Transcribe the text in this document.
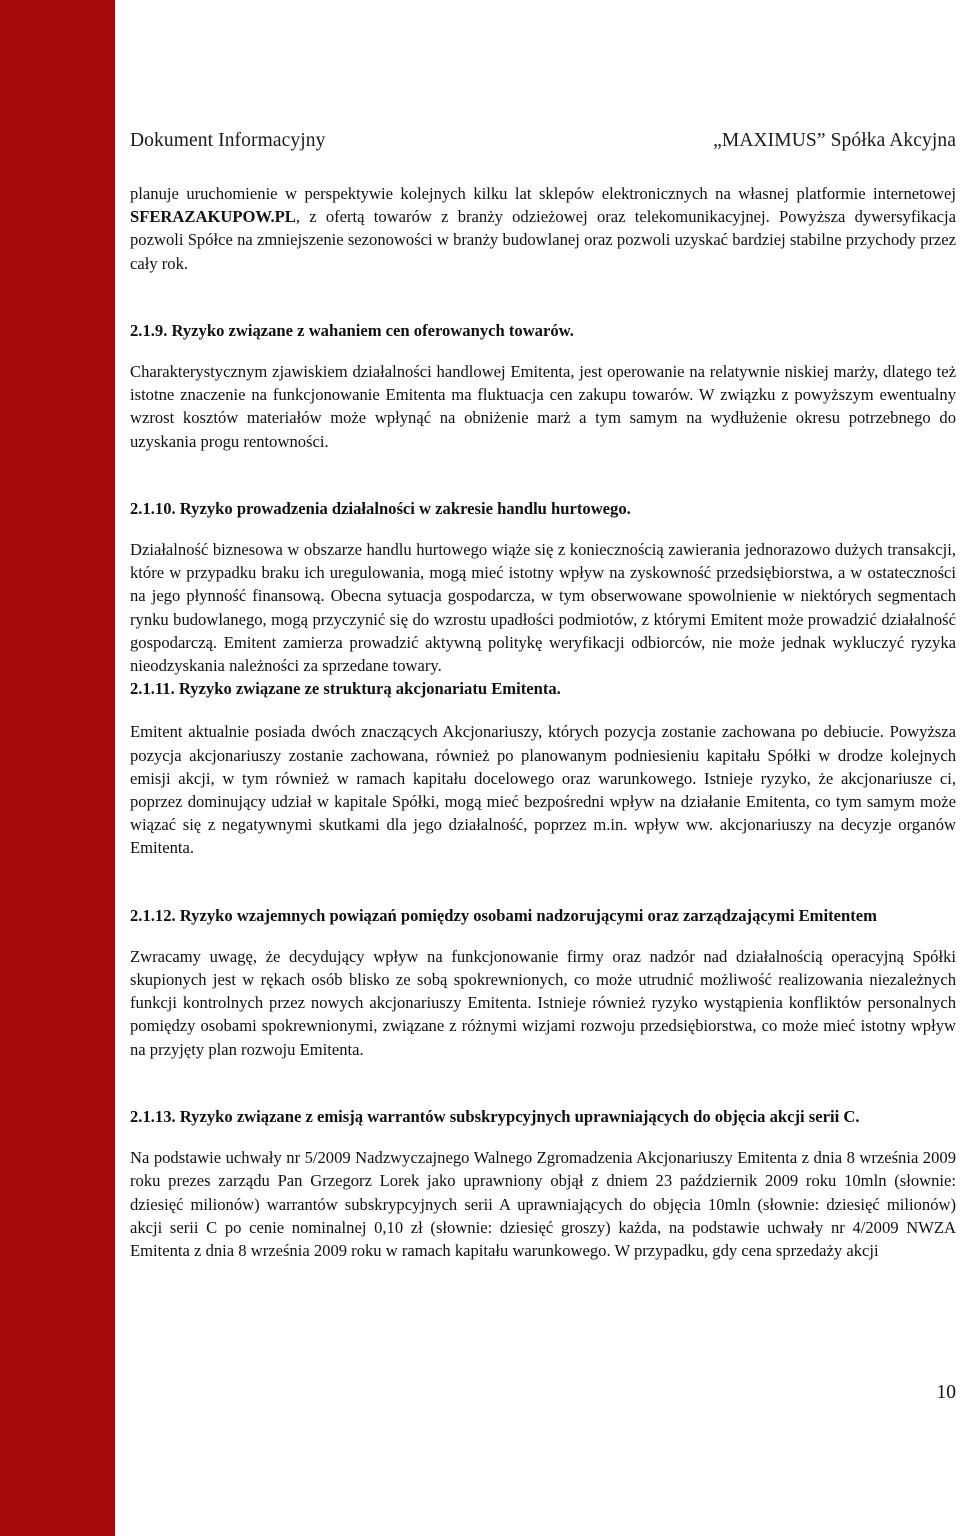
Dokument Informacyjny	„MAXIMUS” Spółka Akcyjna

planuje uruchomienie w perspektywie kolejnych kilku lat sklepów elektronicznych na własnej platformie internetowej SFERAZAKUPOW.PL, z ofertą towarów z branży odzieżowej oraz telekomunikacyjnej. Powyższa dywersyfikacja pozwoli Spółce na zmniejszenie sezonowości w branży budowlanej oraz pozwoli uzyskać bardziej stabilne przychody przez cały rok.

2.1.9. Ryzyko związane z wahaniem cen oferowanych towarów.

Charakterystycznym zjawiskiem działalności handlowej Emitenta, jest operowanie na relatywnie niskiej marży, dlatego też istotne znaczenie na funkcjonowanie Emitenta ma fluktuacja cen zakupu towarów. W związku z powyższym ewentualny wzrost kosztów materiałów może wpłynąć na obniżenie marż a tym samym na wydłużenie okresu potrzebnego do uzyskania progu rentowności.

2.1.10. Ryzyko prowadzenia działalności w zakresie handlu hurtowego.

Działalność biznesowa w obszarze handlu hurtowego wiąże się z koniecznością zawierania jednorazowo dużych transakcji, które w przypadku braku ich uregulowania, mogą mieć istotny wpływ na zyskowność przedsiębiorstwa, a w ostateczności na jego płynność finansową. Obecna sytuacja gospodarcza, w tym obserwowane spowolnienie w niektórych segmentach rynku budowlanego, mogą przyczynić się do wzrostu upadłości podmiotów, z którymi Emitent może prowadzić działalność gospodarczą. Emitent zamierza prowadzić aktywną politykę weryfikacji odbiorców, nie może jednak wykluczyć ryzyka nieodzyskania należności za sprzedane towary.

2.1.11. Ryzyko związane ze strukturą akcjonariatu Emitenta.

Emitent aktualnie posiada dwóch znaczących Akcjonariuszy, których pozycja zostanie zachowana po debiucie. Powyższa pozycja akcjonariuszy zostanie zachowana, również po planowanym podniesieniu kapitału Spółki w drodze kolejnych emisji akcji, w tym również w ramach kapitału docelowego oraz warunkowego. Istnieje ryzyko, że akcjonariusze ci, poprzez dominujący udział w kapitale Spółki, mogą mieć bezpośredni wpływ na działanie Emitenta, co tym samym może wiązać się z negatywnymi skutkami dla jego działalność, poprzez m.in. wpływ ww. akcjonariuszy na decyzje organów Emitenta.

2.1.12. Ryzyko wzajemnych powiązań pomiędzy osobami nadzorującymi oraz zarządzającymi Emitentem

Zwracamy uwagę, że decydujący wpływ na funkcjonowanie firmy oraz nadzór nad działalnością operacyjną Spółki skupionych jest w rękach osób blisko ze sobą spokrewnionych, co może utrudnić możliwość realizowania niezależnych funkcji kontrolnych przez nowych akcjonariuszy Emitenta. Istnieje również ryzyko wystąpienia konfliktów personalnych pomiędzy osobami spokrewnionymi, związane z różnymi wizjami rozwoju przedsiębiorstwa, co może mieć istotny wpływ na przyjęty plan rozwoju Emitenta.

2.1.13. Ryzyko związane z emisją warrantów subskrypcyjnych uprawniających do objęcia akcji serii C.

Na podstawie uchwały nr 5/2009 Nadzwyczajnego Walnego Zgromadzenia Akcjonariuszy Emitenta z dnia 8 września 2009 roku prezes zarządu Pan Grzegorz Lorek jako uprawniony objął z dniem 23 październik 2009 roku 10mln (słownie: dziesięć milionów) warrantów subskrypcyjnych serii A uprawniających do objęcia 10mln (słownie: dziesięć milionów) akcji serii C po cenie nominalnej 0,10 zł (słownie: dziesięć groszy) każda, na podstawie uchwały nr 4/2009 NWZA Emitenta z dnia 8 września 2009 roku w ramach kapitału warunkowego. W przypadku, gdy cena sprzedaży akcji

10
